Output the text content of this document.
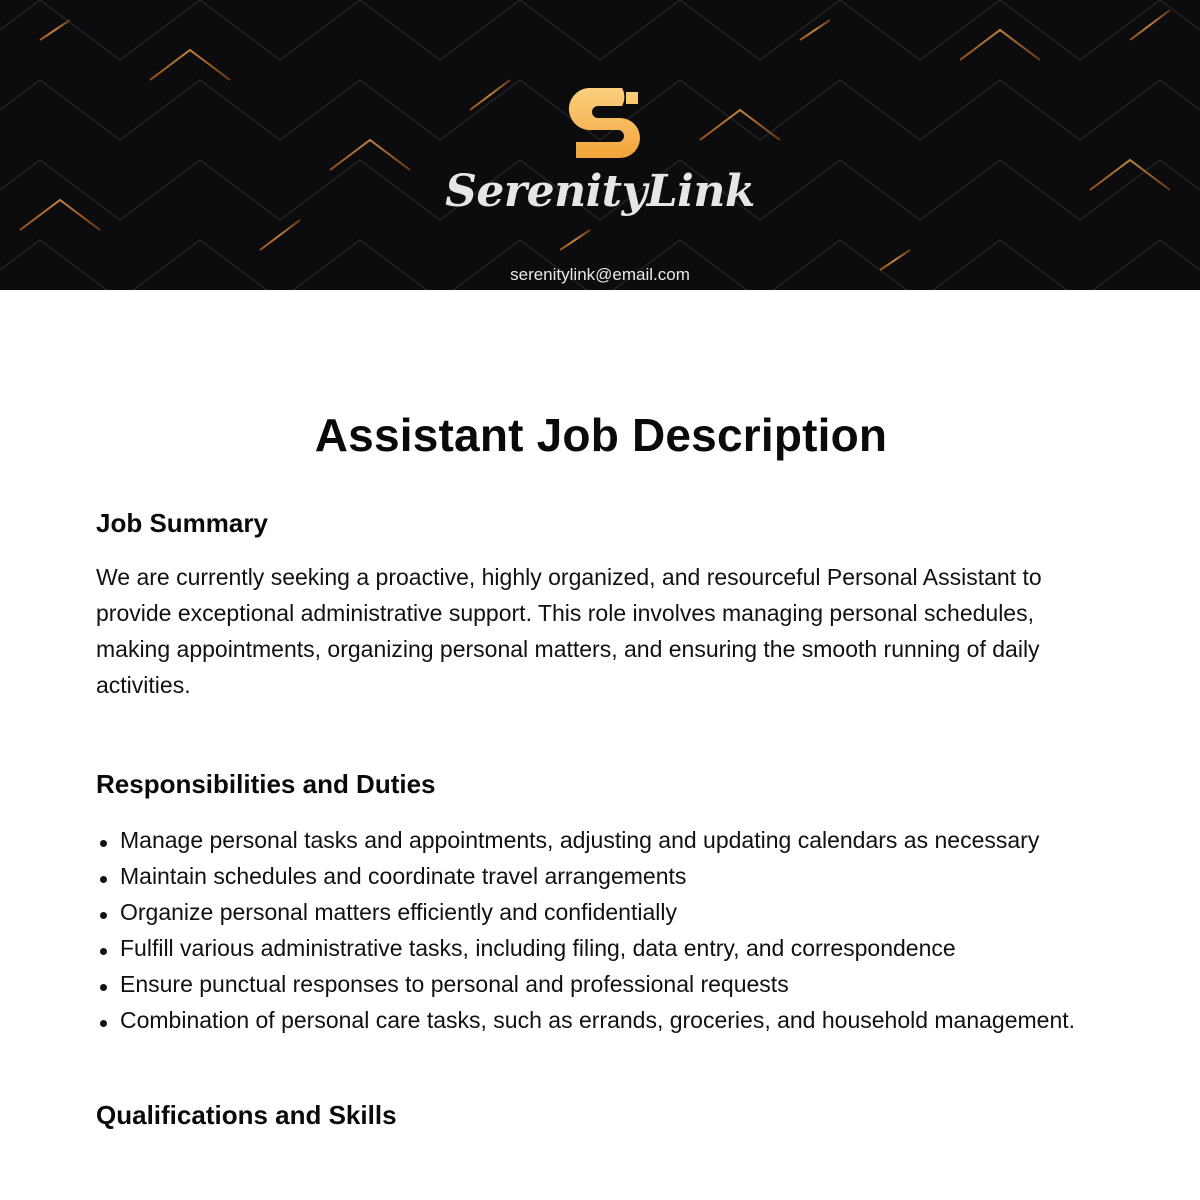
SerenityLink
serenitylink@email.com
Assistant Job Description
Job Summary

We are currently seeking a proactive, highly organized, and resourceful Personal Assistant to provide exceptional administrative support. This role involves managing personal schedules, making appointments, organizing personal matters, and ensuring the smooth running of daily activities.

Responsibilities and Duties
Manage personal tasks and appointments, adjusting and updating calendars as necessary
Maintain schedules and coordinate travel arrangements
Organize personal matters efficiently and confidentially
Fulfill various administrative tasks, including filing, data entry, and correspondence
Ensure punctual responses to personal and professional requests
Combination of personal care tasks, such as errands, groceries, and household management.
Qualifications and Skills
